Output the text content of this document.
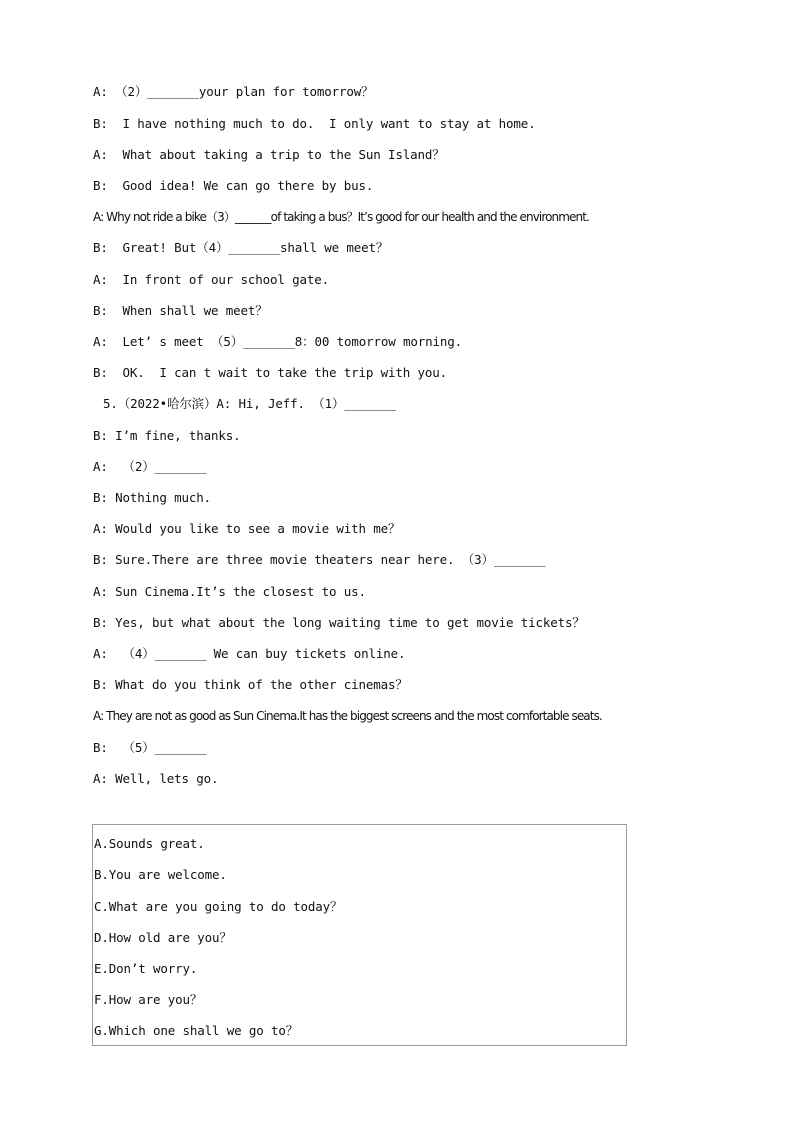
A: （2）_______your plan for tomorrow？
B:  I have nothing much to do.  I only want to stay at home.
A:  What about taking a trip to the Sun Island？
B:  Good idea! We can go there by bus.
A: Why not ride a bike（3）_______of taking a bus？It’s good for our health and the environment.
B:  Great! But（4）_______shall we meet？
A:  In front of our school gate.
B:  When shall we meet？
A:  Let’ s meet （5）_______8：00 tomorrow morning.
B:  OK.  I can t wait to take the trip with you.
5.（2022•哈尔滨）A: Hi, Jeff. （1）_______
B: I’m fine, thanks.
A:  （2）_______
B: Nothing much.
A: Would you like to see a movie with me？
B: Sure.There are three movie theaters near here. （3）_______
A: Sun Cinema.It’s the closest to us.
B: Yes, but what about the long waiting time to get movie tickets？
A:  （4）_______ We can buy tickets online.
B: What do you think of the other cinemas？
A: They are not as good as Sun Cinema.It has the biggest screens and the most comfortable seats.
B:  （5）_______
A: Well, lets go.
A.Sounds great.
B.You are welcome.
C.What are you going to do today？
D.How old are you？
E.Don’t worry.
F.How are you？
G.Which one shall we go to？
